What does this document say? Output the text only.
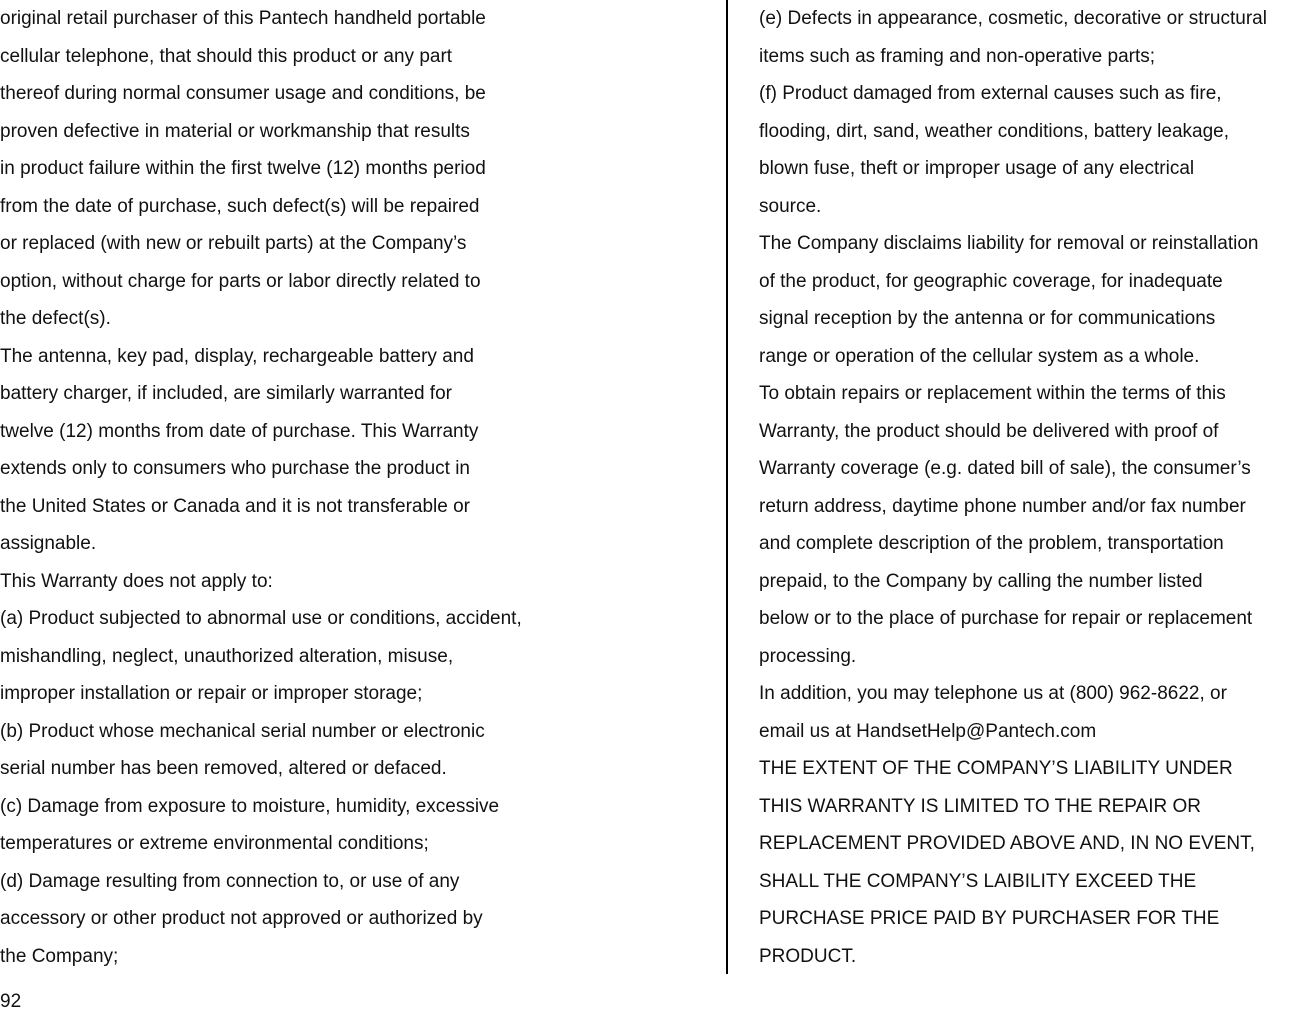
original retail purchaser of this Pantech handheld portable

cellular telephone, that should this product or any part

thereof during normal consumer usage and conditions, be

proven defective in material or workmanship that results

in product failure within the first twelve (12) months period

from the date of purchase, such defect(s) will be repaired

or replaced (with new or rebuilt parts) at the Company’s

option, without charge for parts or labor directly related to

the defect(s).

The antenna, key pad, display, rechargeable battery and

battery charger, if included, are similarly warranted for

twelve (12) months from date of purchase. This Warranty

extends only to consumers who purchase the product in

the United States or Canada and it is not transferable or

assignable.

This Warranty does not apply to:

(a) Product subjected to abnormal use or conditions, accident,

mishandling, neglect, unauthorized alteration, misuse,

improper installation or repair or improper storage;

(b) Product whose mechanical serial number or electronic

serial number has been removed, altered or defaced.

(c) Damage from exposure to moisture, humidity, excessive

temperatures or extreme environmental conditions;

(d) Damage resulting from connection to, or use of any

accessory or other product not approved or authorized by

the Company;

(e) Defects in appearance, cosmetic, decorative or structural

items such as framing and non-operative parts;

(f) Product damaged from external causes such as fire,

flooding, dirt, sand, weather conditions, battery leakage,

blown fuse, theft or improper usage of any electrical

source.

The Company disclaims liability for removal or reinstallation

of the product, for geographic coverage, for inadequate

signal reception by the antenna or for communications

range or operation of the cellular system as a whole.

To obtain repairs or replacement within the terms of this

Warranty, the product should be delivered with proof of

Warranty coverage (e.g. dated bill of sale), the consumer’s

return address, daytime phone number and/or fax number

and complete description of the problem, transportation

prepaid, to the Company by calling the number listed

below or to the place of purchase for repair or replacement

processing.

In addition, you may telephone us at (800) 962-8622, or

email us at HandsetHelp@Pantech.com

THE EXTENT OF THE COMPANY’S LIABILITY UNDER

THIS WARRANTY IS LIMITED TO THE REPAIR OR

REPLACEMENT PROVIDED ABOVE AND, IN NO EVENT,

SHALL THE COMPANY’S LAIBILITY EXCEED THE

PURCHASE PRICE PAID BY PURCHASER FOR THE

PRODUCT.

92
